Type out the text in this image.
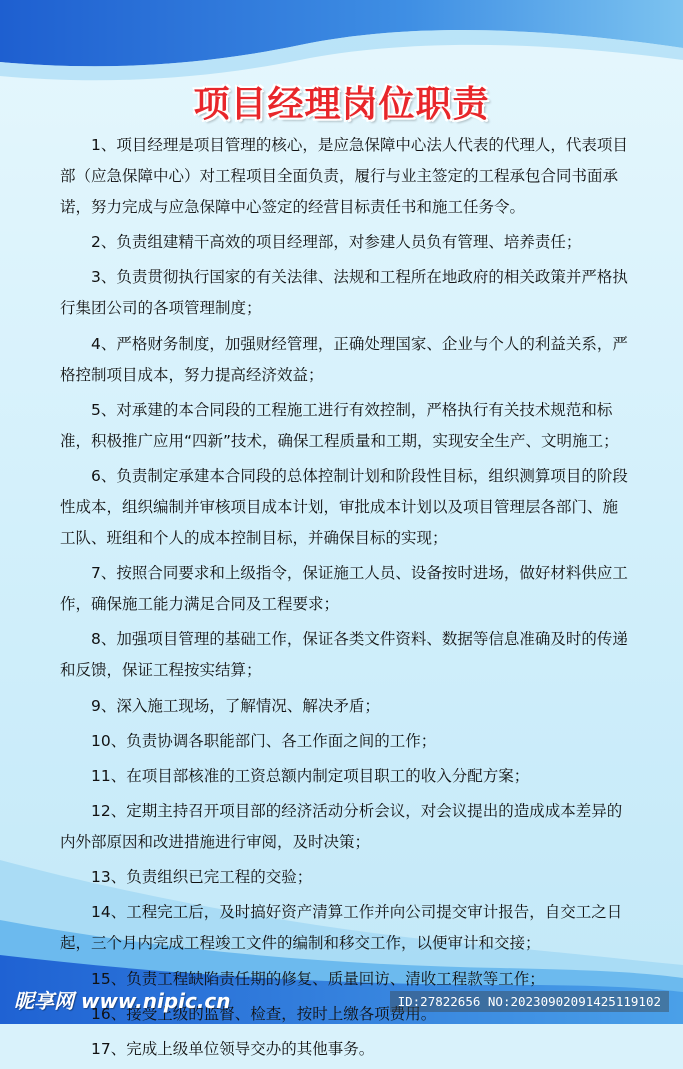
项目经理岗位职责

1、项目经理是项目管理的核心，是应急保障中心法人代表的代理人，代表项目部（应急保障中心）对工程项目全面负责，履行与业主签定的工程承包合同书面承诺，努力完成与应急保障中心签定的经营目标责任书和施工任务令。

2、负责组建精干高效的项目经理部，对参建人员负有管理、培养责任；

3、负责贯彻执行国家的有关法律、法规和工程所在地政府的相关政策并严格执行集团公司的各项管理制度；

4、严格财务制度，加强财经管理，正确处理国家、企业与个人的利益关系，严格控制项目成本，努力提高经济效益；

5、对承建的本合同段的工程施工进行有效控制，严格执行有关技术规范和标准，积极推广应用“四新”技术，确保工程质量和工期，实现安全生产、文明施工；

6、负责制定承建本合同段的总体控制计划和阶段性目标，组织测算项目的阶段性成本，组织编制并审核项目成本计划，审批成本计划以及项目管理层各部门、施工队、班组和个人的成本控制目标，并确保目标的实现；

7、按照合同要求和上级指令，保证施工人员、设备按时进场，做好材料供应工作，确保施工能力满足合同及工程要求；

8、加强项目管理的基础工作，保证各类文件资料、数据等信息准确及时的传递和反馈，保证工程按实结算；

9、深入施工现场，了解情况、解决矛盾；

10、负责协调各职能部门、各工作面之间的工作；

11、在项目部核准的工资总额内制定项目职工的收入分配方案；

12、定期主持召开项目部的经济活动分析会议，对会议提出的造成成本差异的内外部原因和改进措施进行审阅，及时决策；

13、负责组织已完工程的交验；

14、工程完工后，及时搞好资产清算工作并向公司提交审计报告，自交工之日起，三个月内完成工程竣工文件的编制和移交工作，以便审计和交接；

15、负责工程缺陷责任期的修复、质量回访、清收工程款等工作；

16、接受上级的监督、检查，按时上缴各项费用。

17、完成上级单位领导交办的其他事务。

昵享网 www.nipic.cn	ID:27822656 NO:20230902091425119102
